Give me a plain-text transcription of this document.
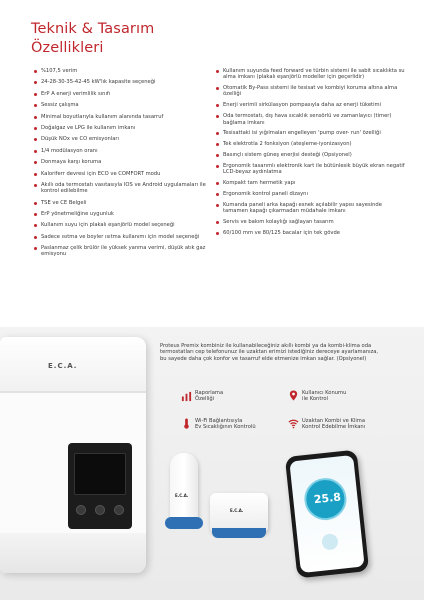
Teknik & Tasarım
Özellikleri
%107,5 verim
24-28-30-35-42-45 kW'lık kapasite seçeneği
ErP A enerji verimlilik sınıfı
Sessiz çalışma
Minimal boyutlarıyla kullanım alanında tasarruf
Doğalgaz ve LPG ile kullanım imkanı
Düşük NOx ve CO emisyonları
1/4 modülasyon oranı
Donmaya karşı koruma
Kaloriferr devresi için ECO ve COMFORT modu
Akıllı oda termostatı vasıtasıyla IOS ve Android uygulamaları ile kontrol edilebilme
TSE ve CE Belgeli
ErP yönetmeliğine uygunluk
Kullanım suyu için plakalı eşanjörlü model seçeneği
Sadece ısıtma ve boyler ısıtma kullanımı için model seçeneği
Paslanmaz çelik brülör ile yüksek yanma verimi, düşük atık gaz emisyonu
Kullanım suyunda feed forward ve türbin sistemi ile sabit sıcaklıkta su alma imkanı (plakalı eşanjörlü modeller için geçerlidir)
Otomatik By-Pass sistemi ile tesisat ve kombiyi koruma altına alma özelliği
Enerji verimli sirkülasyon pompasıyla daha az enerji tüketimi
Oda termostatı, dış hava sıcaklık sensörlü ve zamanlayıcı (timer) bağlama imkanı
Tesisattaki isi yığılmaları engelleyen 'pump over- run' özelliği
Tek elektrotla 2 fonksiyon (ateşleme-iyonizasyon)
Basınçlı sistem güneş enerjisi desteği (Opsiyonel)
Ergonomik tasarımlı elektronik kart ile bütünlesik büyük ekran negatif LCD-beyaz aydınlatma
Kompakt tam hermetik yapı
Ergonomik kontrol paneli dizaynı
Kumanda paneli arka kapağı esnek açılabilir yapısı sayesinde tamamen kapağı çıkarmadan müdahale imkanı
Servis ve bakım kolaylığı sağlayan tasarım
60/100 mm ve 80/125 bacalar için tek gövde
E.C.A.
Proteus Premix kombiniz ile kullanabileceğiniz akıllı kombi ya da kombi-klima oda termostatları cep telefonunuz ile uzaktan erimizi istediğiniz dereceye ayarlamanıza, bu sayede daha çok konfor ve tasarruf elde etmenize imkan sağlar. (Opsiyonel)
Raporlama
Özelliği
Kullanıcı Konumu
ile Kontrol
Wi-Fi Bağlantısıyla
Ev Sıcaklığının Kontrolü
Uzaktan Kombi ve Klima
Kontrol Edebilme İmkanı
E.C.A.
E.C.A.
25.8
